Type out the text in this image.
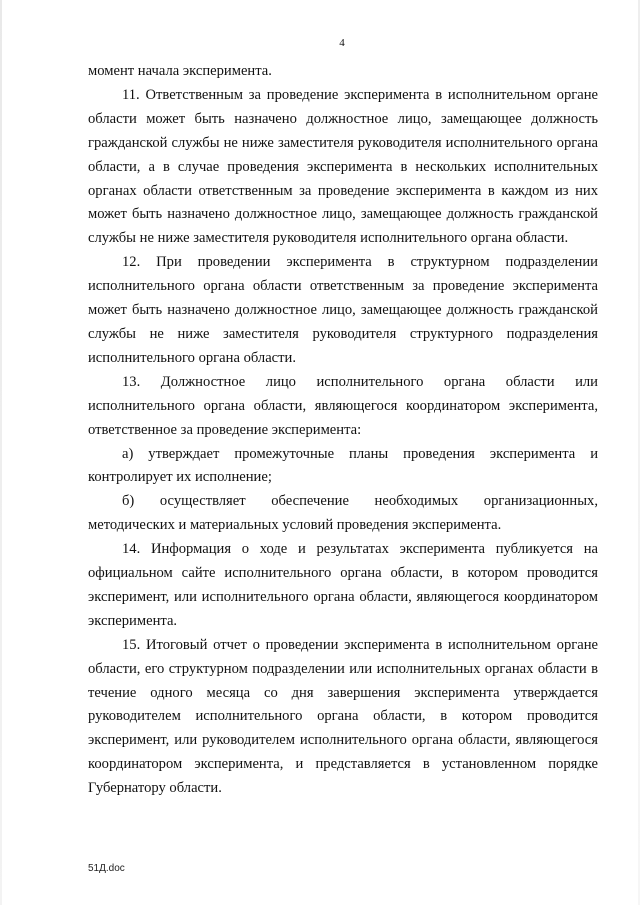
4

момент начала эксперимента.

11. Ответственным за проведение эксперимента в исполнительном органе области может быть назначено должностное лицо, замещающее должность гражданской службы не ниже заместителя руководителя исполнительного органа области, а в случае проведения эксперимента в нескольких исполнительных органах области ответственным за проведение эксперимента в каждом из них может быть назначено должностное лицо, замещающее должность гражданской службы не ниже заместителя руководителя исполнительного органа области.

12. При проведении эксперимента в структурном подразделении исполнительного органа области ответственным за проведение эксперимента может быть назначено должностное лицо, замещающее должность гражданской службы не ниже заместителя руководителя структурного подразделения исполнительного органа области.

13. Должностное лицо исполнительного органа области или исполнительного органа области, являющегося координатором эксперимента, ответственное за проведение эксперимента:

а) утверждает промежуточные планы проведения эксперимента и контролирует их исполнение;

б) осуществляет обеспечение необходимых организационных, методических и материальных условий проведения эксперимента.

14. Информация о ходе и результатах эксперимента публикуется на официальном сайте исполнительного органа области, в котором проводится эксперимент, или исполнительного органа области, являющегося координатором эксперимента.

15. Итоговый отчет о проведении эксперимента в исполнительном органе области, его структурном подразделении или исполнительных органах области в течение одного месяца со дня завершения эксперимента утверждается руководителем исполнительного органа области, в котором проводится эксперимент, или руководителем исполнительного органа области, являющегося координатором эксперимента, и представляется в установленном порядке Губернатору области.

51Д.doc
